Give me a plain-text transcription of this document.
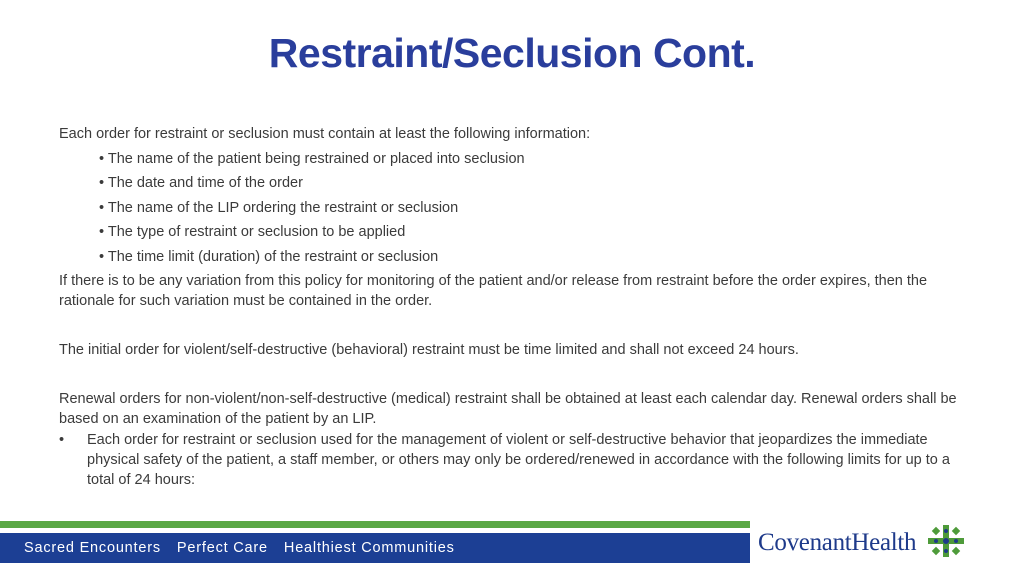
Restraint/Seclusion Cont.

Each order for restraint or seclusion must contain at least the following information:

• The name of the patient being restrained or placed into seclusion

• The date and time of the order

• The name of the LIP ordering the restraint or seclusion

• The type of restraint or seclusion to be applied

• The time limit (duration) of the restraint or seclusion

If there is to be any variation from this policy for monitoring of the patient and/or release from restraint before the order expires, then the rationale for such variation must be contained in the order.

The initial order for violent/self-destructive (behavioral) restraint must be time limited and shall not exceed 24 hours.

Renewal orders for non-violent/non-self-destructive (medical) restraint shall be obtained at least each calendar day. Renewal orders shall be based on an examination of the patient by an LIP.

•	Each order for restraint or seclusion used for the management of violent or self-destructive behavior that jeopardizes the immediate physical safety of the patient, a staff member, or others may only be ordered/renewed in accordance with the following limits for up to a total of 24 hours:
Sacred Encounters Perfect Care Healthiest Communities	CovenantHealth
